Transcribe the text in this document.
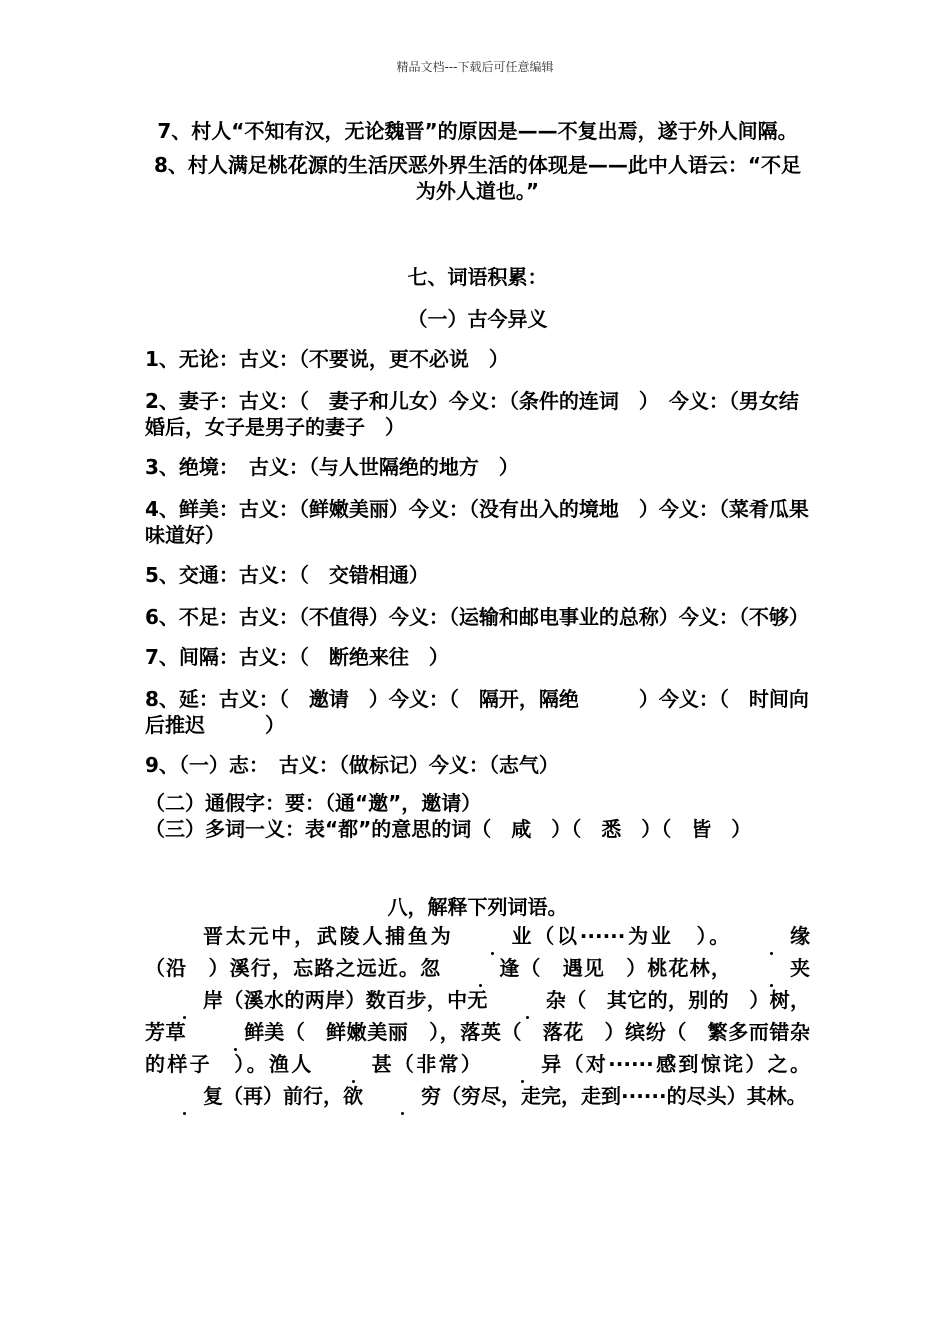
精品文档---下载后可任意编辑

7、村人“不知有汉，无论魏晋”的原因是——不复出焉，遂于外人间隔。

8、村人满足桃花源的生活厌恶外界生活的体现是——此中人语云：“不足为外人道也。”

七、词语积累：

（一）古今异义

1、无论：古义：（不要说，更不必说　）

2、妻子：古义：（　妻子和儿女）今义：（条件的连词　）　今义：（男女结婚后，女子是男子的妻子　）

3、绝境：　古义：（与人世隔绝的地方　）

4、鲜美：古义：（鲜嫩美丽）今义：（没有出入的境地　）今义：（菜肴瓜果味道好）

5、交通：古义：（　交错相通）

6、不足：古义：（不值得）今义：（运输和邮电事业的总称）今义：（不够）

7、间隔：古义：（　断绝来往　）

8、延：古义：（　邀请　）今义：（　隔开，隔绝　　　）今义：（　时间向后推迟　　　）

9、（一）志：　古义：（做标记）今义：（志气）

（二）通假字：要：（通“邀”，邀请）

（三）多词一义：表“都”的意思的词（　咸　）（　悉　）（　皆　）

八，解释下列词语。

晋太元中，武陵人捕鱼为	业（以······为业　）。	缘（沿　）溪行，忘路之远近。忽	逢（　遇见　）桃花林，	夹岸（溪水的两岸）数百步，中无	杂（　其它的，别的　）树，芳草	鲜美（　鲜嫩美丽　），落英（　落花　）缤纷（　繁多而错杂的样子　）。渔人	甚（非常）	异（对······感到惊诧）之。复（再）前行，欲	穷（穷尽，走完，走到······的尽头）其林。
